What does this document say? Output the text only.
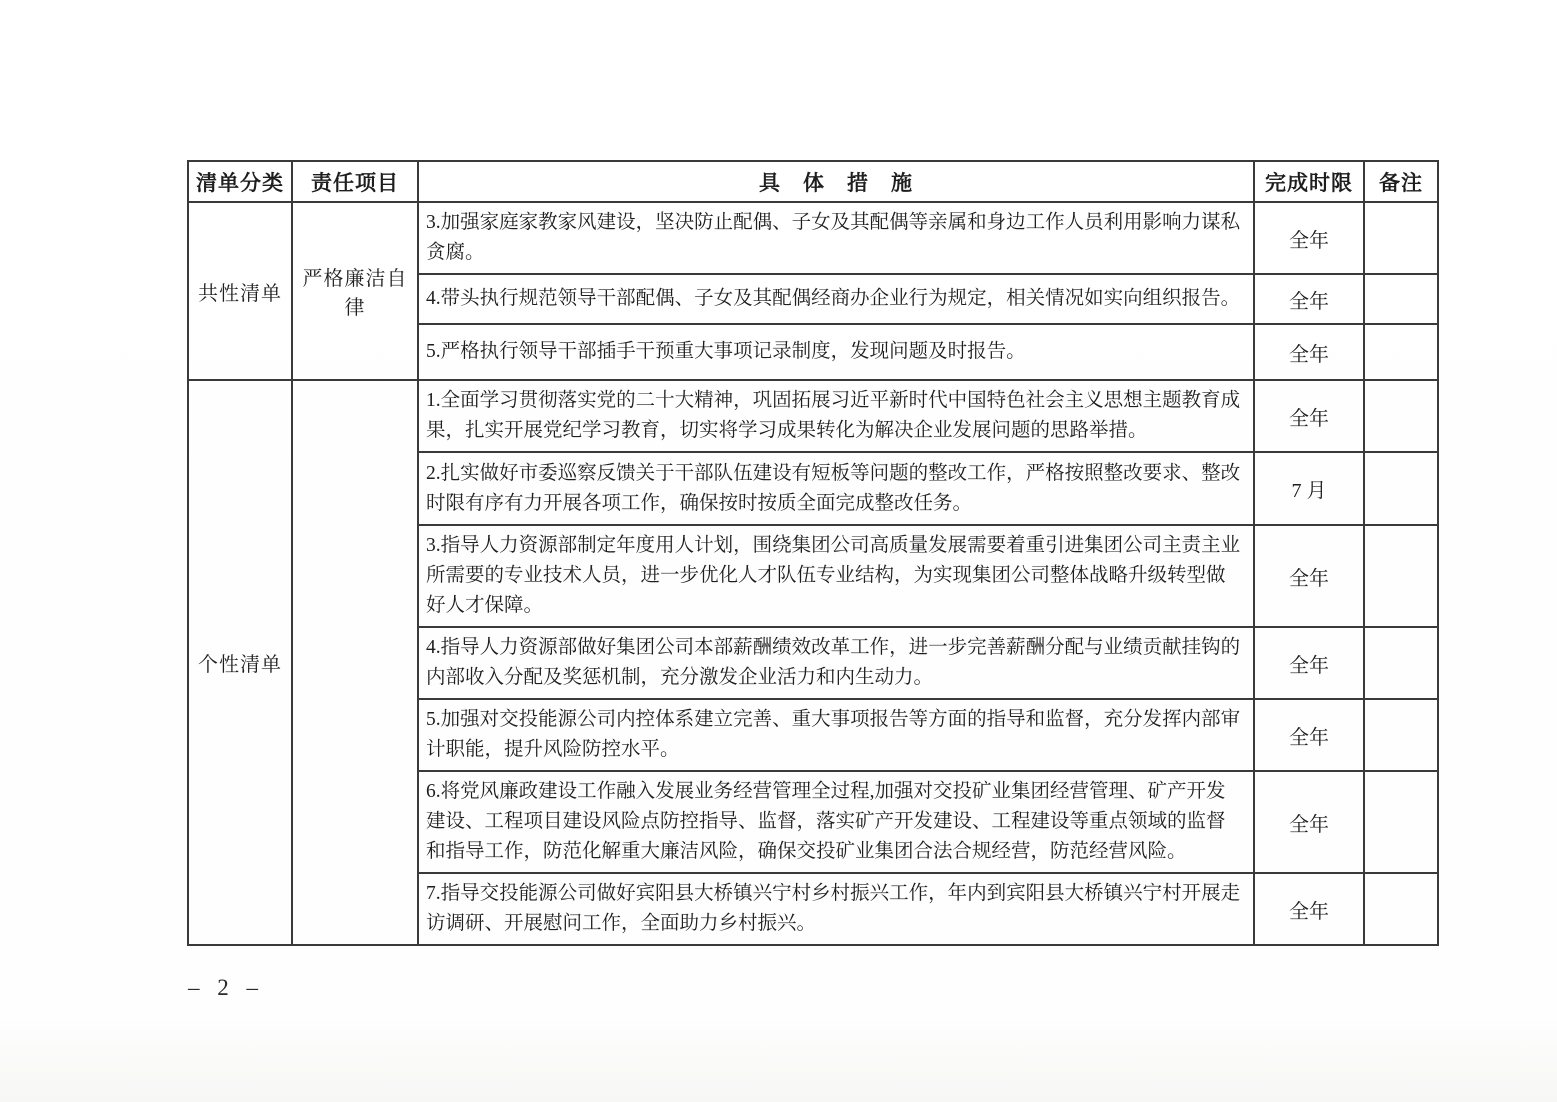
清单分类	责任项目	具　体　措　施	完成时限	备注
共性清单	严格廉洁自律	3.加强家庭家教家风建设，坚决防止配偶、子女及其配偶等亲属和身边工作人员利用影响力谋私贪腐。	全年	
		4.带头执行规范领导干部配偶、子女及其配偶经商办企业行为规定，相关情况如实向组织报告。	全年	
		5.严格执行领导干部插手干预重大事项记录制度，发现问题及时报告。	全年	
个性清单		1.全面学习贯彻落实党的二十大精神，巩固拓展习近平新时代中国特色社会主义思想主题教育成果，扎实开展党纪学习教育，切实将学习成果转化为解决企业发展问题的思路举措。	全年	
		2.扎实做好市委巡察反馈关于干部队伍建设有短板等问题的整改工作，严格按照整改要求、整改时限有序有力开展各项工作，确保按时按质全面完成整改任务。	7 月	
		3.指导人力资源部制定年度用人计划，围绕集团公司高质量发展需要着重引进集团公司主责主业所需要的专业技术人员，进一步优化人才队伍专业结构，为实现集团公司整体战略升级转型做好人才保障。	全年	
		4.指导人力资源部做好集团公司本部薪酬绩效改革工作，进一步完善薪酬分配与业绩贡献挂钩的内部收入分配及奖惩机制，充分激发企业活力和内生动力。	全年	
		5.加强对交投能源公司内控体系建立完善、重大事项报告等方面的指导和监督，充分发挥内部审计职能，提升风险防控水平。	全年	
		6.将党风廉政建设工作融入发展业务经营管理全过程,加强对交投矿业集团经营管理、矿产开发建设、工程项目建设风险点防控指导、监督，落实矿产开发建设、工程建设等重点领域的监督和指导工作，防范化解重大廉洁风险，确保交投矿业集团合法合规经营，防范经营风险。	全年	
		7.指导交投能源公司做好宾阳县大桥镇兴宁村乡村振兴工作，年内到宾阳县大桥镇兴宁村开展走访调研、开展慰问工作，全面助力乡村振兴。	全年	
– 2 –
